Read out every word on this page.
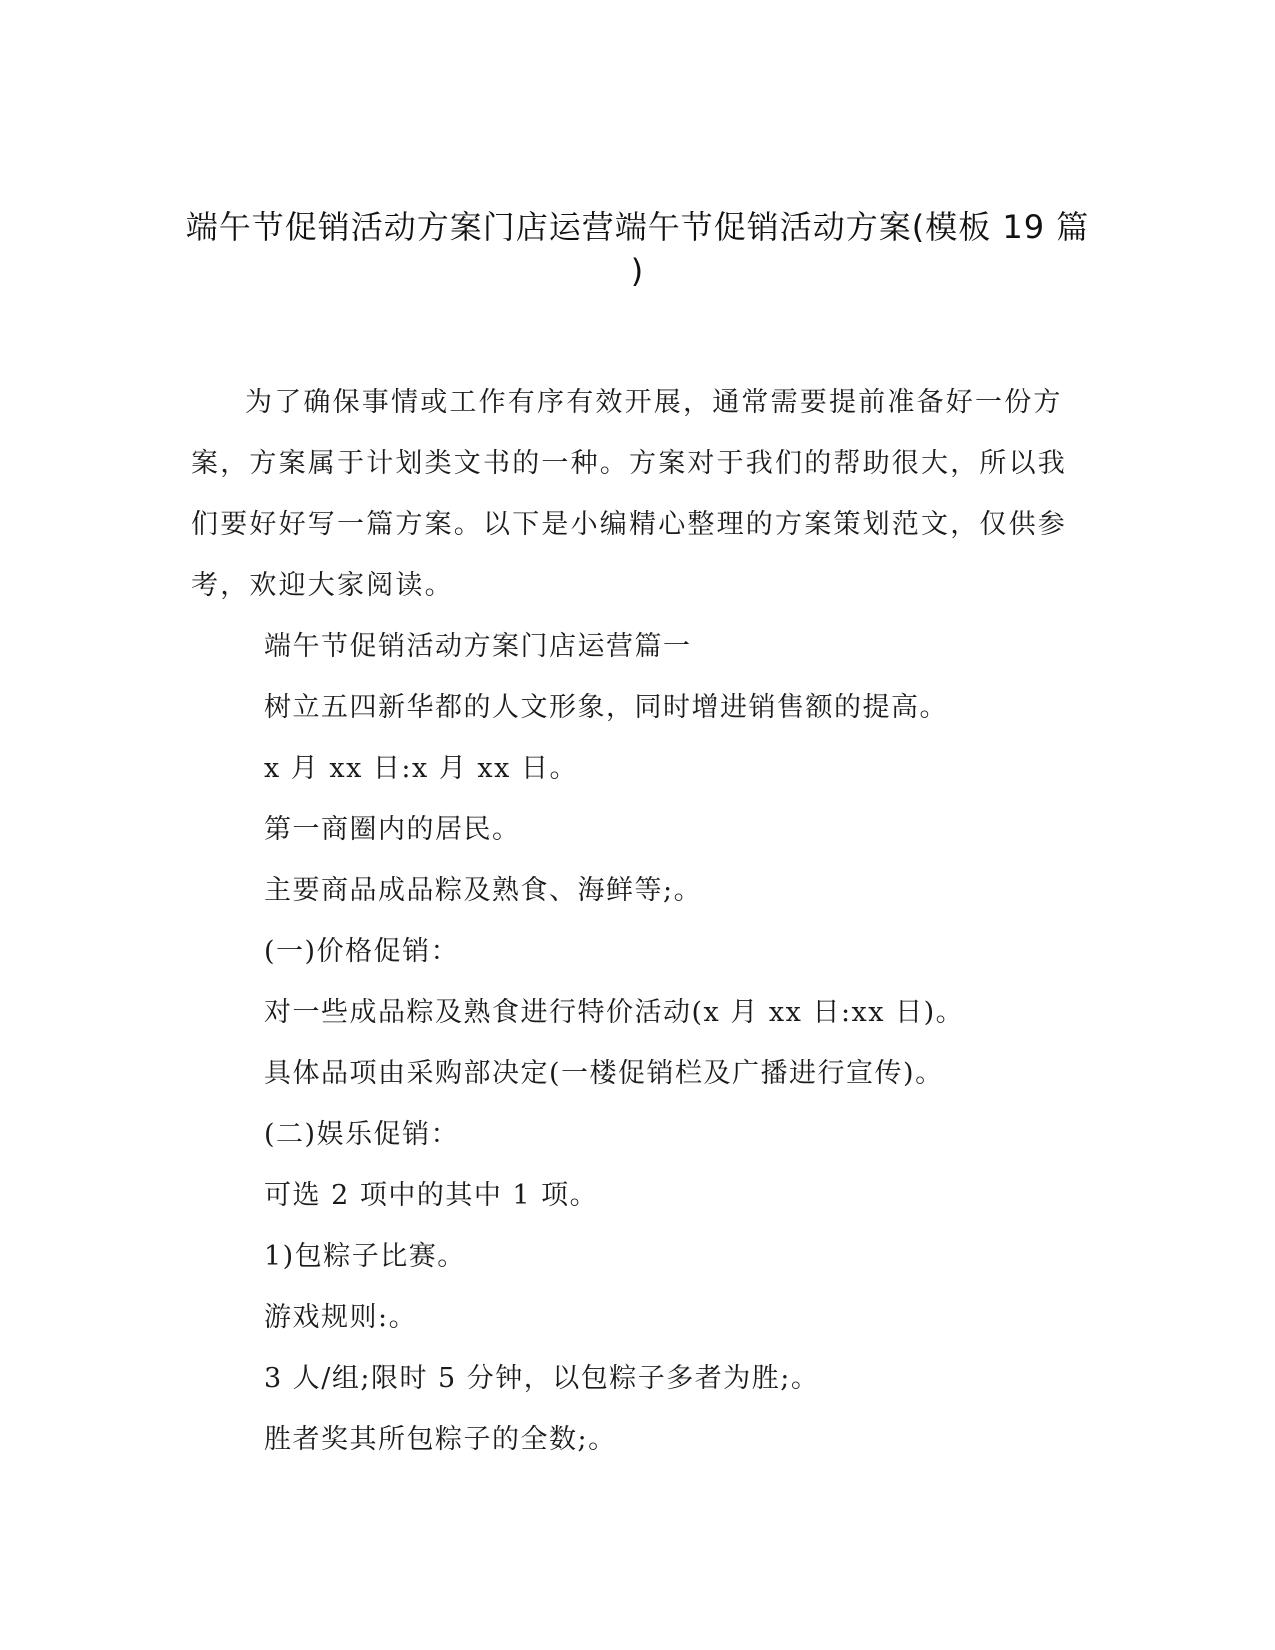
端午节促销活动方案门店运营端午节促销活动方案(模板 19 篇
)

为了确保事情或工作有序有效开展，通常需要提前准备好一份方案，方案属于计划类文书的一种。方案对于我们的帮助很大，所以我们要好好写一篇方案。以下是小编精心整理的方案策划范文，仅供参考，欢迎大家阅读。

端午节促销活动方案门店运营篇一

树立五四新华都的人文形象，同时增进销售额的提高。

x 月 xx 日:x 月 xx 日。

第一商圈内的居民。

主要商品成品粽及熟食、海鲜等;。

(一)价格促销：

对一些成品粽及熟食进行特价活动(x 月 xx 日:xx 日)。

具体品项由采购部决定(一楼促销栏及广播进行宣传)。

(二)娱乐促销：

可选 2 项中的其中 1 项。

1)包粽子比赛。

游戏规则:。

3 人/组;限时 5 分钟，以包粽子多者为胜;。

胜者奖其所包粽子的全数;。
